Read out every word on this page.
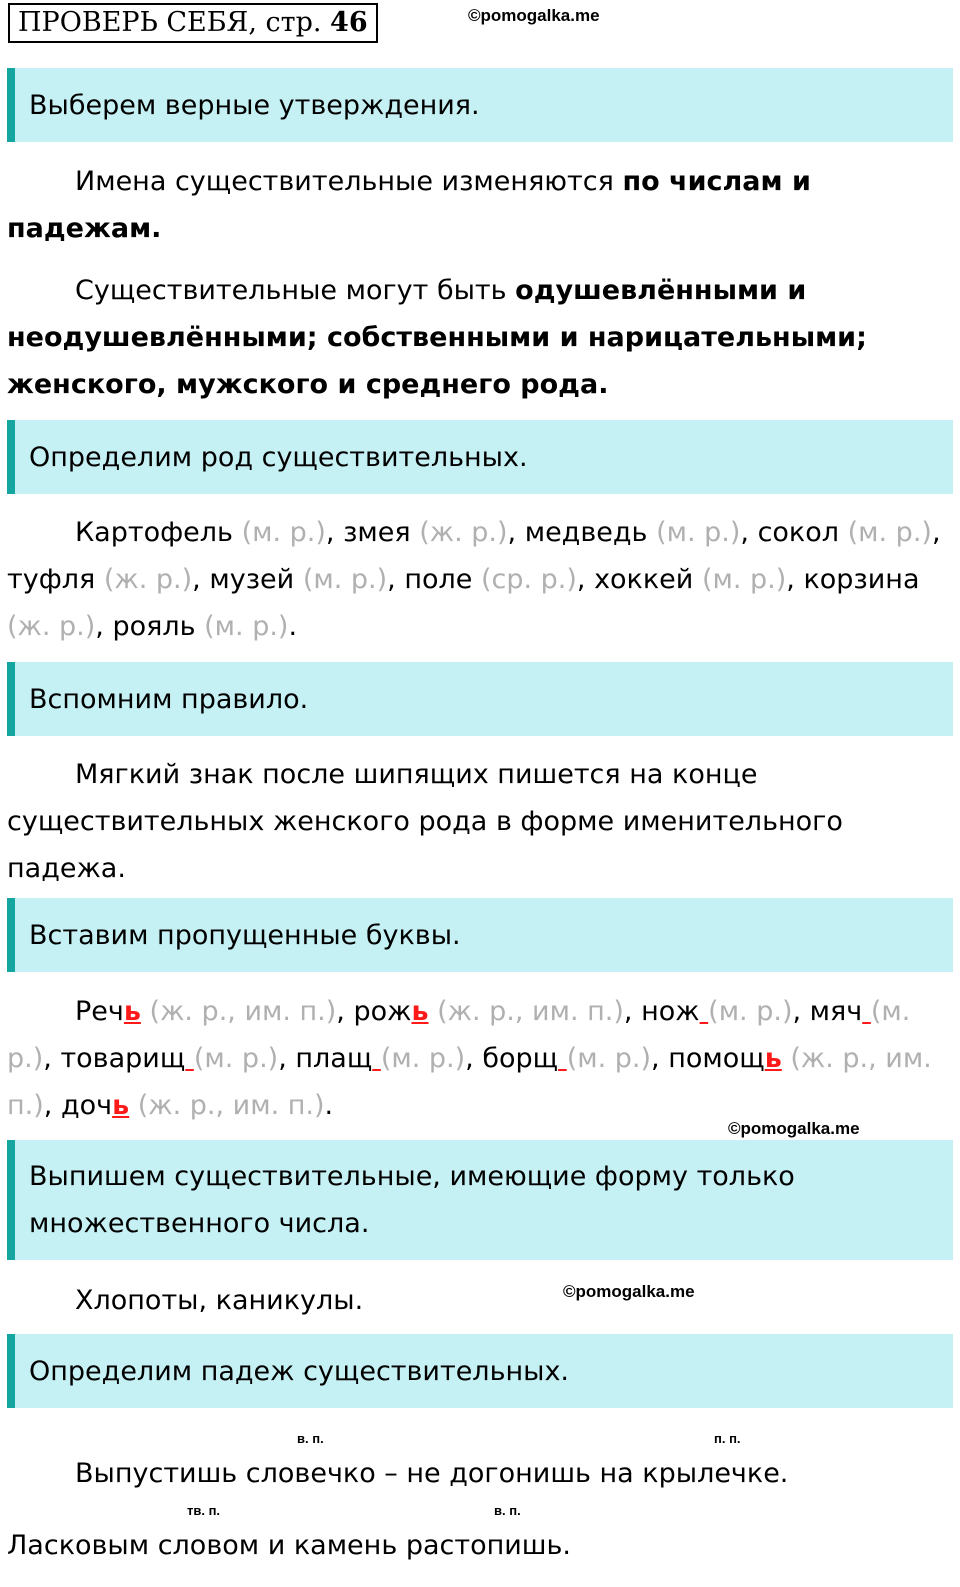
ПРОВЕРЬ СЕБЯ, стр. 46	©pomogalka.me
Выберем верные утверждения.
Имена существительные изменяются по числам и
падежам.
Существительные могут быть одушевлёнными и
неодушевлёнными; собственными и нарицательными;
женского, мужского и среднего рода.
Определим род существительных.
Картофель (м. р.), змея (ж. р.), медведь (м. р.), сокол (м. р.), туфля (ж. р.), музей (м. р.), поле (ср. р.), хоккей (м. р.), корзина (ж. р.), рояль (м. р.).
Вспомним правило.
Мягкий знак после шипящих пишется на конце
существительных женского рода в форме именительного
падежа.
Вставим пропущенные буквы.
Речь (ж. р., им. п.), рожь (ж. р., им. п.), нож (м. р.), мяч (м. р.), товарищ (м. р.), плащ (м. р.), борщ (м. р.), помощь (ж. р., им. п.), дочь (ж. р., им. п.).
©pomogalka.me
Выпишем существительные, имеющие форму только
множественного числа.
Хлопоты, каникулы.	©pomogalka.me
Определим падеж существительных.
в. п.	п. п.
Выпустишь словечко – не догонишь на крылечке.
тв. п.	в. п.
Ласковым словом и камень растопишь.
